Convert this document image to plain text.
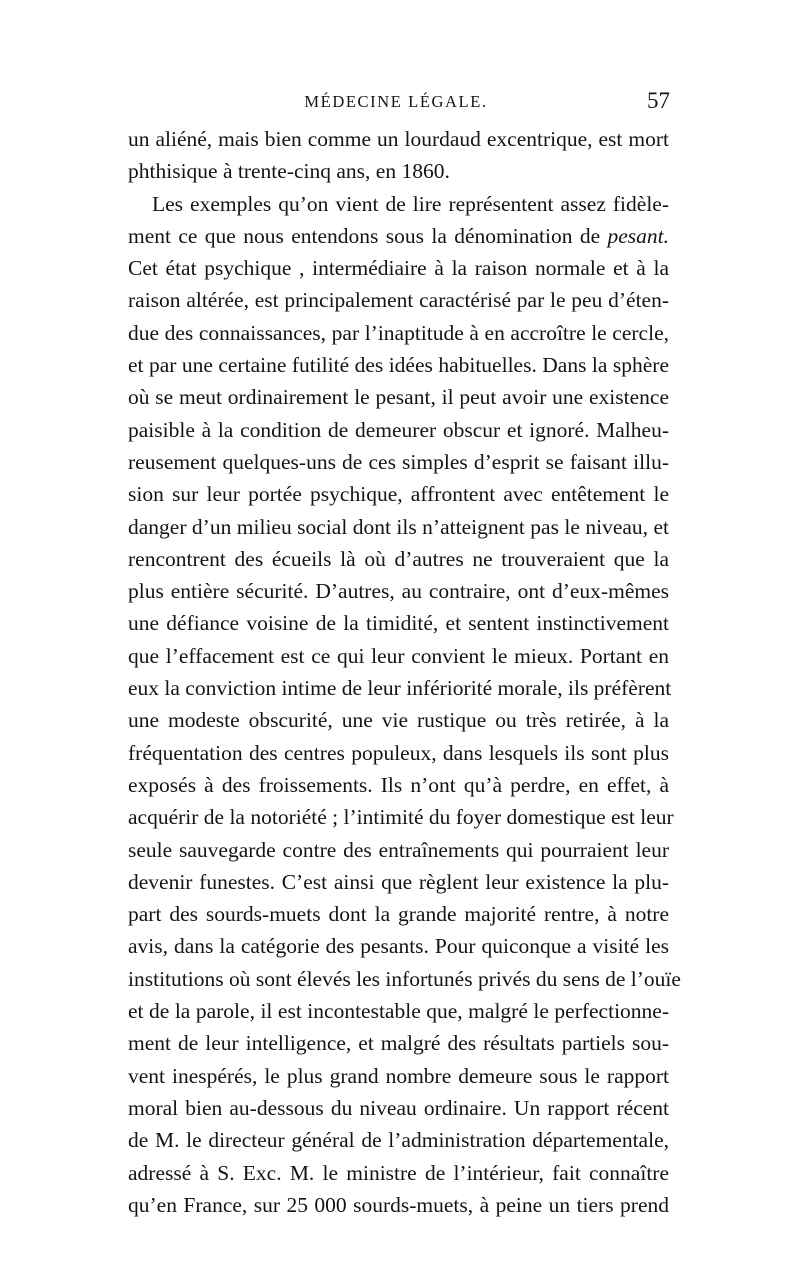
MÉDECINE LÉGALE.	57
un aliéné, mais bien comme un lourdaud excentrique, est mort
phthisique à trente-cinq ans, en 1860.
Les exemples qu’on vient de lire représentent assez fidèle-
ment ce que nous entendons sous la dénomination de pesant.
Cet état psychique , intermédiaire à la raison normale et à la
raison altérée, est principalement caractérisé par le peu d’éten-
due des connaissances, par l’inaptitude à en accroître le cercle,
et par une certaine futilité des idées habituelles. Dans la sphère
où se meut ordinairement le pesant, il peut avoir une existence
paisible à la condition de demeurer obscur et ignoré. Malheu-
reusement quelques-uns de ces simples d’esprit se faisant illu-
sion sur leur portée psychique, affrontent avec entêtement le
danger d’un milieu social dont ils n’atteignent pas le niveau, et
rencontrent des écueils là où d’autres ne trouveraient que la
plus entière sécurité. D’autres, au contraire, ont d’eux-mêmes
une défiance voisine de la timidité, et sentent instinctivement
que l’effacement est ce qui leur convient le mieux. Portant en
eux la conviction intime de leur infériorité morale, ils préfèrent
une modeste obscurité, une vie rustique ou très retirée, à la
fréquentation des centres populeux, dans lesquels ils sont plus
exposés à des froissements. Ils n’ont qu’à perdre, en effet, à
acquérir de la notoriété ; l’intimité du foyer domestique est leur
seule sauvegarde contre des entraînements qui pourraient leur
devenir funestes. C’est ainsi que règlent leur existence la plu-
part des sourds-muets dont la grande majorité rentre, à notre
avis, dans la catégorie des pesants. Pour quiconque a visité les
institutions où sont élevés les infortunés privés du sens de l’ouïe
et de la parole, il est incontestable que, malgré le perfectionne-
ment de leur intelligence, et malgré des résultats partiels sou-
vent inespérés, le plus grand nombre demeure sous le rapport
moral bien au-dessous du niveau ordinaire. Un rapport récent
de M. le directeur général de l’administration départementale,
adressé à S. Exc. M. le ministre de l’intérieur, fait connaître
qu’en France, sur 25 000 sourds-muets, à peine un tiers prend
